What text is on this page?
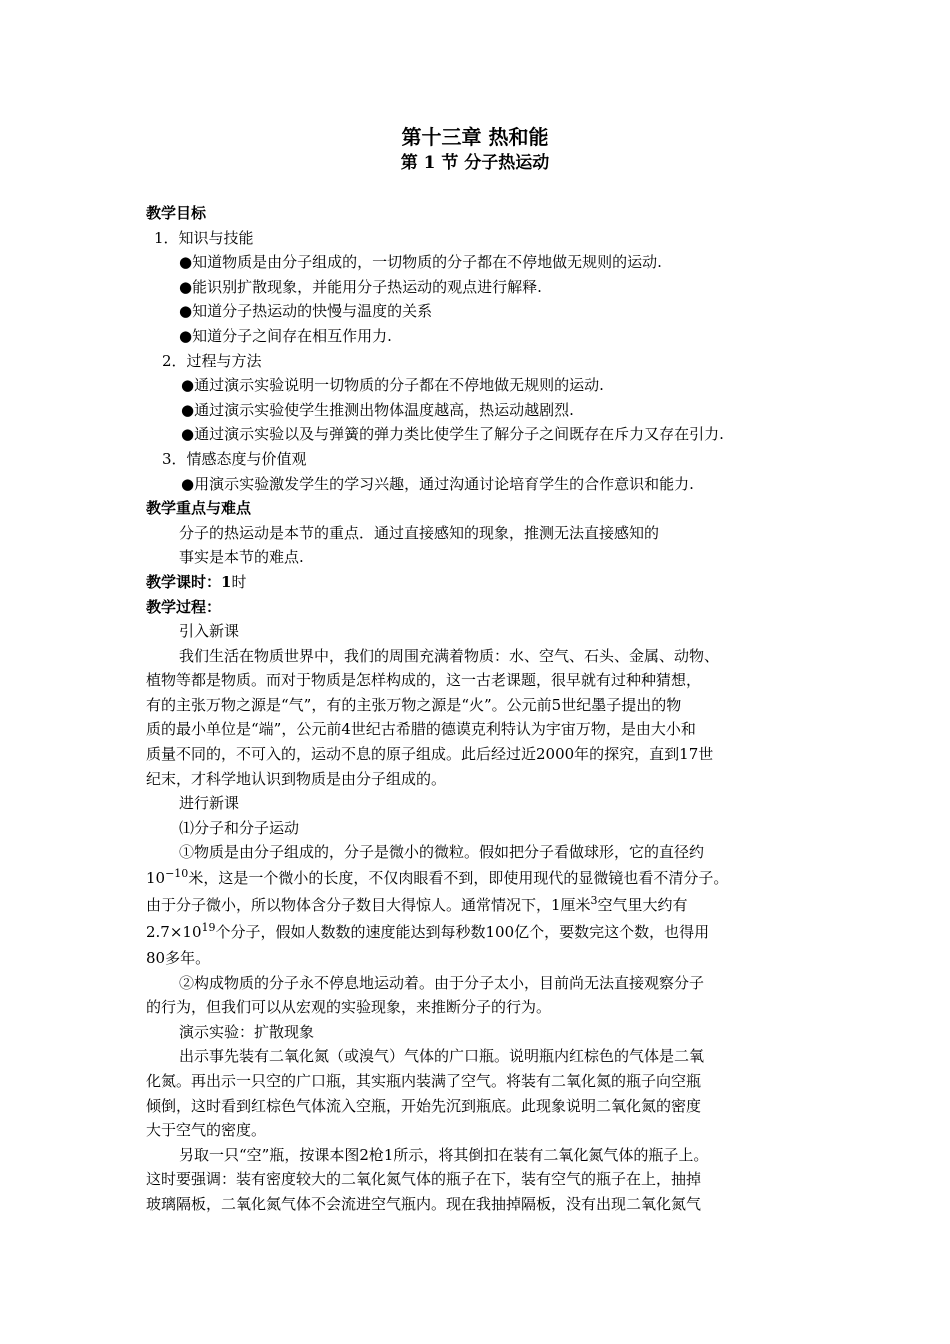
第十三章 热和能
第 1 节 分子热运动
教学目标
1．知识与技能
●知道物质是由分子组成的，一切物质的分子都在不停地做无规则的运动.
●能识别扩散现象，并能用分子热运动的观点进行解释.
●知道分子热运动的快慢与温度的关系
●知道分子之间存在相互作用力.
2．过程与方法
●通过演示实验说明一切物质的分子都在不停地做无规则的运动.
●通过演示实验使学生推测出物体温度越高，热运动越剧烈.
●通过演示实验以及与弹簧的弹力类比使学生了解分子之间既存在斥力又存在引力.
3．情感态度与价值观
●用演示实验激发学生的学习兴趣，通过沟通讨论培育学生的合作意识和能力.
教学重点与难点
分子的热运动是本节的重点．通过直接感知的现象，推测无法直接感知的
事实是本节的难点.
教学课时：1时
教学过程：
引入新课
我们生活在物质世界中，我们的周围充满着物质：水、空气、石头、金属、动物、
植物等都是物质。而对于物质是怎样构成的，这一古老课题，很早就有过种种猜想，
有的主张万物之源是“气”，有的主张万物之源是“火”。公元前5世纪墨子提出的物
质的最小单位是“端”，公元前4世纪古希腊的德谟克利特认为宇宙万物，是由大小和
质量不同的，不可入的，运动不息的原子组成。此后经过近2000年的探究，直到17世
纪末，才科学地认识到物质是由分子组成的。
进行新课
⑴分子和分子运动
①物质是由分子组成的，分子是微小的微粒。假如把分子看做球形，它的直径约
$10^{-10}$米，这是一个微小的长度，不仅肉眼看不到，即使用现代的显微镜也看不清分子。
由于分子微小，所以物体含分子数目大得惊人。通常情况下，1厘米$^3$空气里大约有
$2.7\times 10^{19}$个分子，假如人数数的速度能达到每秒数100亿个，要数完这个数，也得用
80多年。
②构成物质的分子永不停息地运动着。由于分子太小，目前尚无法直接观察分子
的行为，但我们可以从宏观的实验现象，来推断分子的行为。
演示实验：扩散现象
出示事先装有二氧化氮（或溴气）气体的广口瓶。说明瓶内红棕色的气体是二氧
化氮。再出示一只空的广口瓶，其实瓶内装满了空气。将装有二氧化氮的瓶子向空瓶
倾倒，这时看到红棕色气体流入空瓶，开始先沉到瓶底。此现象说明二氧化氮的密度
大于空气的密度。
另取一只“空”瓶，按课本图2枪1所示，将其倒扣在装有二氧化氮气体的瓶子上。
这时要强调：装有密度较大的二氧化氮气体的瓶子在下，装有空气的瓶子在上，抽掉
玻璃隔板，二氧化氮气体不会流进空气瓶内。现在我抽掉隔板，没有出现二氧化氮气
